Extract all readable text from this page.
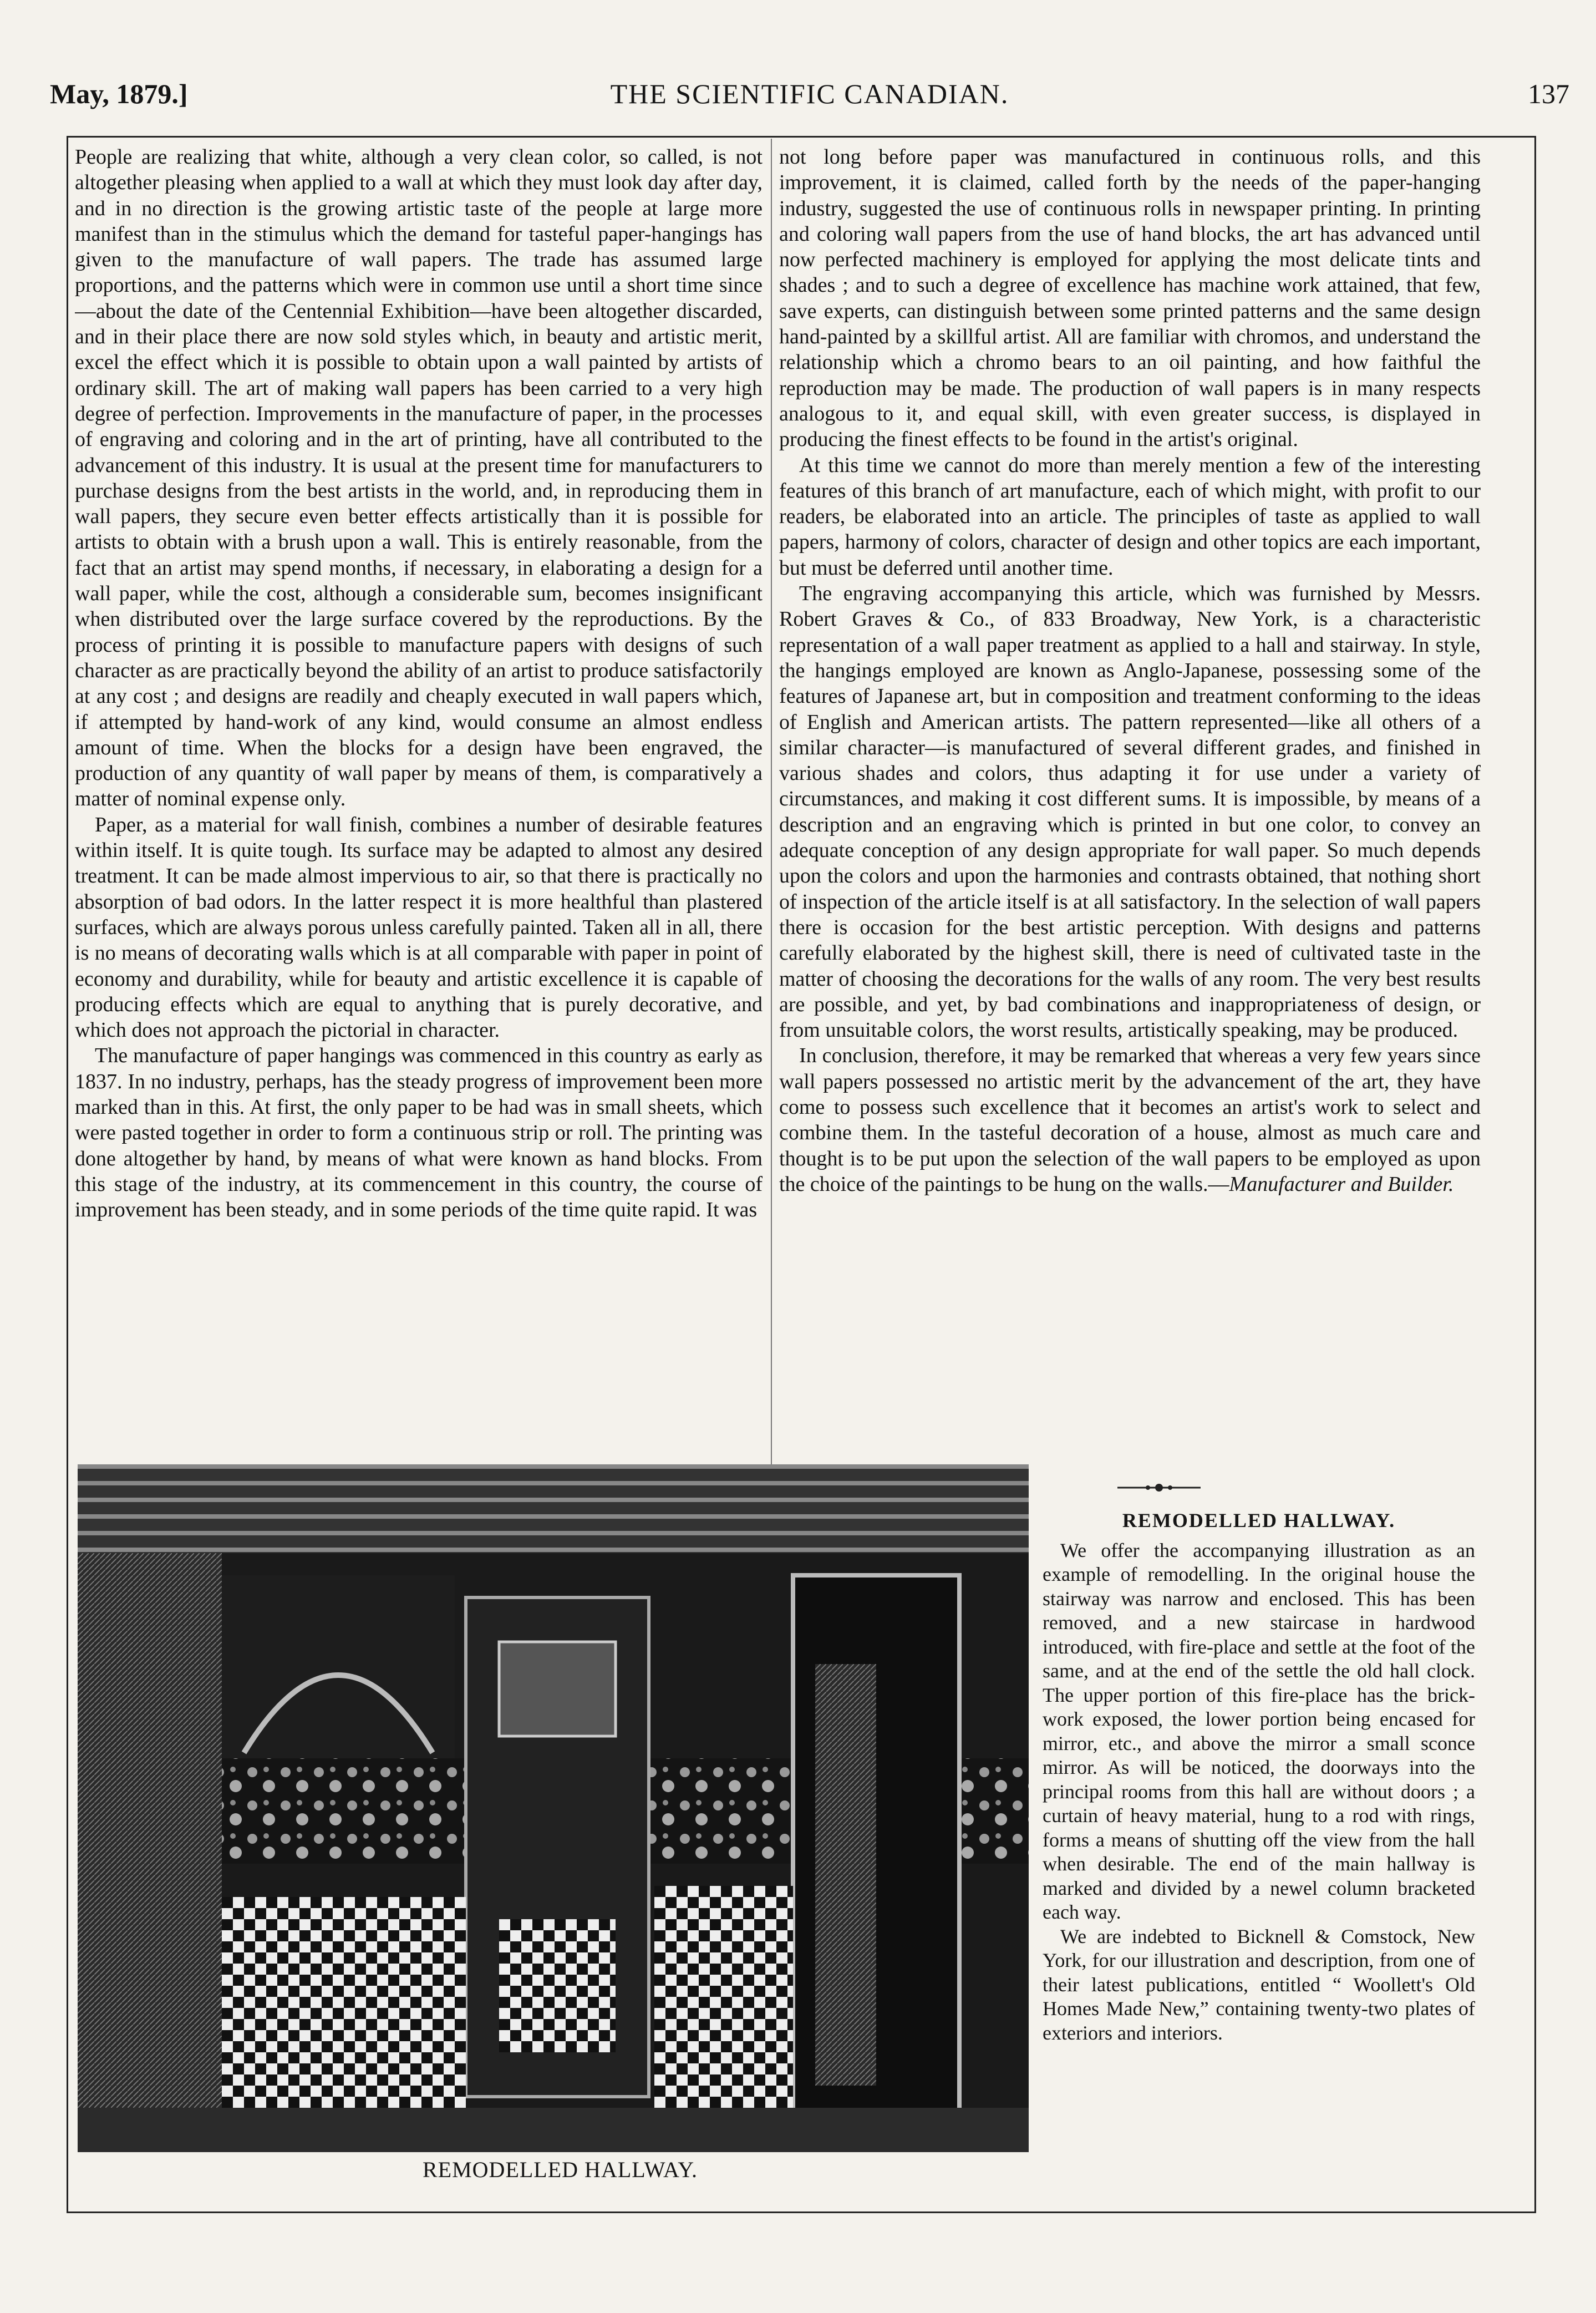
THE SCIENTIFIC CANADIAN.
May, 1879.]	137

People are realizing that white, although a very clean color, so called, is not altogether pleasing when applied to a wall at which they must look day after day, and in no direction is the growing artistic taste of the people at large more manifest than in the stimulus which the demand for tasteful paper-hangings has given to the manufacture of wall papers. The trade has assumed large proportions, and the patterns which were in common use until a short time since—about the date of the Centennial Exhibition—have been altogether discarded, and in their place there are now sold styles which, in beauty and artistic merit, excel the effect which it is possible to obtain upon a wall painted by artists of ordinary skill. The art of making wall papers has been carried to a very high degree of perfection. Improvements in the manufacture of paper, in the processes of engraving and coloring and in the art of printing, have all contributed to the advancement of this industry. It is usual at the present time for manufacturers to purchase designs from the best artists in the world, and, in reproducing them in wall papers, they secure even better effects artistically than it is possible for artists to obtain with a brush upon a wall. This is entirely reasonable, from the fact that an artist may spend months, if necessary, in elaborating a design for a wall paper, while the cost, although a considerable sum, becomes insignificant when distributed over the large surface covered by the reproductions. By the process of printing it is possible to manufacture papers with designs of such character as are practically beyond the ability of an artist to produce satisfactorily at any cost ; and designs are readily and cheaply executed in wall papers which, if attempted by hand-work of any kind, would consume an almost endless amount of time. When the blocks for a design have been engraved, the production of any quantity of wall paper by means of them, is comparatively a matter of nominal expense only.

Paper, as a material for wall finish, combines a number of desirable features within itself. It is quite tough. Its surface may be adapted to almost any desired treatment. It can be made almost impervious to air, so that there is practically no absorption of bad odors. In the latter respect it is more healthful than plastered surfaces, which are always porous unless carefully painted. Taken all in all, there is no means of decorating walls which is at all comparable with paper in point of economy and durability, while for beauty and artistic excellence it is capable of producing effects which are equal to anything that is purely decorative, and which does not approach the pictorial in character.

The manufacture of paper hangings was commenced in this country as early as 1837. In no industry, perhaps, has the steady progress of improvement been more marked than in this. At first, the only paper to be had was in small sheets, which were pasted together in order to form a continuous strip or roll. The printing was done altogether by hand, by means of what were known as hand blocks. From this stage of the industry, at its commencement in this country, the course of improvement has been steady, and in some periods of the time quite rapid. It was

not long before paper was manufactured in continuous rolls, and this improvement, it is claimed, called forth by the needs of the paper-hanging industry, suggested the use of continuous rolls in newspaper printing. In printing and coloring wall papers from the use of hand blocks, the art has advanced until now perfected machinery is employed for applying the most delicate tints and shades ; and to such a degree of excellence has machine work attained, that few, save experts, can distinguish between some printed patterns and the same design hand-painted by a skillful artist. All are familiar with chromos, and understand the relationship which a chromo bears to an oil painting, and how faithful the reproduction may be made. The production of wall papers is in many respects analogous to it, and equal skill, with even greater success, is displayed in producing the finest effects to be found in the artist's original.

At this time we cannot do more than merely mention a few of the interesting features of this branch of art manufacture, each of which might, with profit to our readers, be elaborated into an article. The principles of taste as applied to wall papers, harmony of colors, character of design and other topics are each important, but must be deferred until another time.

The engraving accompanying this article, which was furnished by Messrs. Robert Graves & Co., of 833 Broadway, New York, is a characteristic representation of a wall paper treatment as applied to a hall and stairway. In style, the hangings employed are known as Anglo-Japanese, possessing some of the features of Japanese art, but in composition and treatment conforming to the ideas of English and American artists. The pattern represented—like all others of a similar character—is manufactured of several different grades, and finished in various shades and colors, thus adapting it for use under a variety of circumstances, and making it cost different sums. It is impossible, by means of a description and an engraving which is printed in but one color, to convey an adequate conception of any design appropriate for wall paper. So much depends upon the colors and upon the harmonies and contrasts obtained, that nothing short of inspection of the article itself is at all satisfactory. In the selection of wall papers there is occasion for the best artistic perception. With designs and patterns carefully elaborated by the highest skill, there is need of cultivated taste in the matter of choosing the decorations for the walls of any room. The very best results are possible, and yet, by bad combinations and inappropriateness of design, or from unsuitable colors, the worst results, artistically speaking, may be produced.

In conclusion, therefore, it may be remarked that whereas a very few years since wall papers possessed no artistic merit by the advancement of the art, they have come to possess such excellence that it becomes an artist's work to select and combine them. In the tasteful decoration of a house, almost as much care and thought is to be put upon the selection of the wall papers to be employed as upon the choice of the paintings to be hung on the walls.—Manufacturer and Builder.

REMODELLED HALLWAY.
REMODELLED HALLWAY.

We offer the accompanying illustration as an example of remodelling. In the original house the stairway was narrow and enclosed. This has been removed, and a new staircase in hardwood introduced, with fire-place and settle at the foot of the same, and at the end of the settle the old hall clock. The upper portion of this fire-place has the brick-work exposed, the lower portion being encased for mirror, etc., and above the mirror a small sconce mirror. As will be noticed, the doorways into the principal rooms from this hall are without doors ; a curtain of heavy material, hung to a rod with rings, forms a means of shutting off the view from the hall when desirable. The end of the main hallway is marked and divided by a newel column bracketed each way.

We are indebted to Bicknell & Comstock, New York, for our illustration and description, from one of their latest publications, entitled “ Woollett's Old Homes Made New,” containing twenty-two plates of exteriors and interiors.
